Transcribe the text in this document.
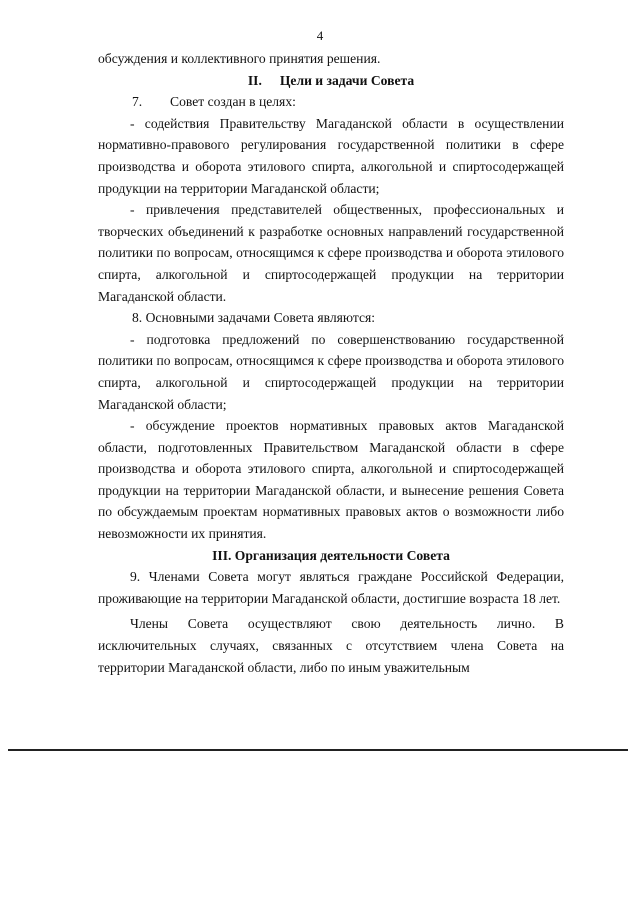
4

обсуждения и коллективного принятия решения.

II. Цели и задачи Совета

7. Совет создан в целях:

- содействия Правительству Магаданской области в осуществлении нормативно-правового регулирования государственной политики в сфере производства и оборота этилового спирта, алкогольной и спиртосодержащей продукции на территории Магаданской области;

- привлечения представителей общественных, профессиональных и творческих объединений к разработке основных направлений государственной политики по вопросам, относящимся к сфере производства и оборота этилового спирта, алкогольной и спиртосодержащей продукции на территории Магаданской области.

8. Основными задачами Совета являются:

- подготовка предложений по совершенствованию государственной политики по вопросам, относящимся к сфере производства и оборота этилового спирта, алкогольной и спиртосодержащей продукции на территории Магаданской области;

- обсуждение проектов нормативных правовых актов Магаданской области, подготовленных Правительством Магаданской области в сфере производства и оборота этилового спирта, алкогольной и спиртосодержащей продукции на территории Магаданской области, и вынесение решения Совета по обсуждаемым проектам нормативных правовых актов о возможности либо невозможности их принятия.

III. Организация деятельности Совета

9. Членами Совета могут являться граждане Российской Федерации, проживающие на территории Магаданской области, достигшие возраста 18 лет.

Члены Совета осуществляют свою деятельность лично. В исключительных случаях, связанных с отсутствием члена Совета на территории Магаданской области, либо по иным уважительным
